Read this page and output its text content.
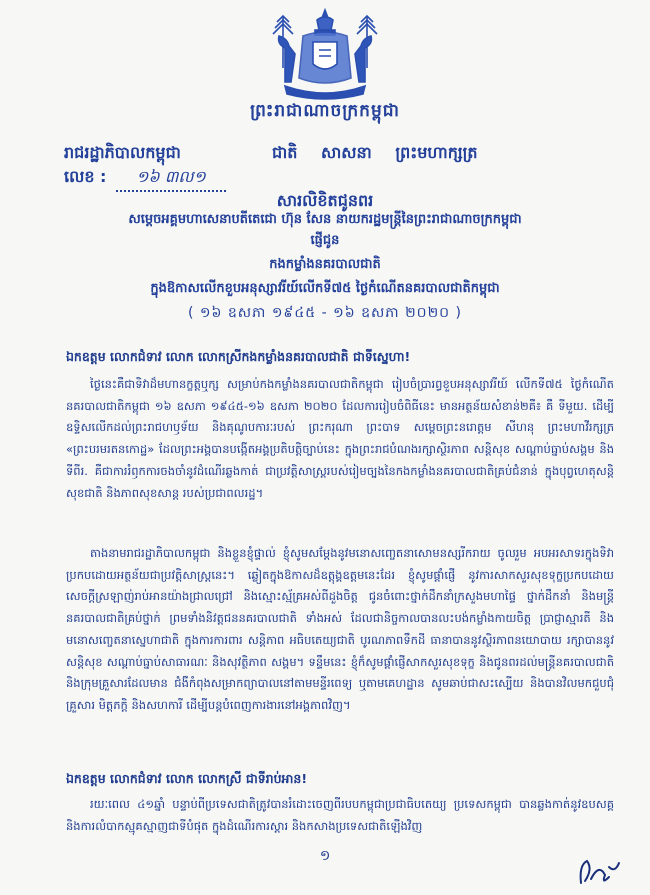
ព្រះរាជាណាចក្រកម្ពុជា
រាជរដ្ឋាភិបាលកម្ពុជា	ជាតិ សាសនា ព្រះមហាក្សត្រ
លេខ : ១៦ ៣ល១
សារលិខិតជូនពរ
សម្តេចអគ្គមហាសេនាបតីតេជោ ហ៊ុន សែន នាយករដ្ឋមន្ត្រីនៃព្រះរាជាណាចក្រកម្ពុជា
ផ្ញើជូន
កងកម្លាំងនគរបាលជាតិ
ក្នុងឱកាសលើកខួបអនុស្សាវរីយ៍លើកទី៧៥ ថ្ងៃកំណើតនគរបាលជាតិកម្ពុជា
( ១៦ ឧសភា ១៩៤៥ - ១៦ ឧសភា ២០២០ )
ឯកឧត្តម លោកជំទាវ លោក លោកស្រីកងកម្លាំងនគរបាលជាតិ ជាទីស្នេហា!
ថ្ងៃនេះគឺជាទិវាដ៏មហានក្ខត្តឬក្ស សម្រាប់កងកម្លាំងនគរបាលជាតិកម្ពុជា រៀបចំប្រារព្ធខួបអនុស្សាវរីយ៍ លើកទី៧៥ ថ្ងៃកំណើតនគរបាលជាតិកម្ពុជា ១៦ ឧសភា ១៩៤៥-១៦ ឧសភា ២០២០ ដែលការរៀបចំពិធីនេះ មានអត្ថន័យសំខាន់២គឺ៖ គឺ ទីមួយ. ដើម្បីឧទ្ទិសលើកដល់ព្រះរាជហឫទ័យ និងគុណូបការៈរបស់ ព្រះករុណា ព្រះបាទ សម្តេចព្រះនរោត្តម សីហនុ ព្រះមហាវីរក្សត្រ «ព្រះបរមរតនកោដ្ឋ» ដែលព្រះអង្គបានបង្កើតអង្គប្រតិបត្តិច្បាប់នេះ ក្នុងព្រះរាជបំណងរក្សាស្ថិរភាព សន្តិសុខ សណ្តាប់ធ្នាប់សង្គម និង ទីពីរ. គឺជាការរំឭកការចងចាំនូវដំណើរឆ្លងកាត់ ជាប្រវត្តិសាស្ត្ររបស់រៀមច្បងនៃកងកម្លាំងនគរបាលជាតិគ្រប់ជំនាន់ ក្នុងបុព្វហេតុសន្តិសុខជាតិ និងភាពសុខសាន្ត របស់ប្រជាពលរដ្ឋ។
តាងនាមរាជរដ្ឋាភិបាលកម្ពុជា និងខ្លួនខ្ញុំផ្ទាល់ ខ្ញុំសូមសម្តែងនូវមនោសញ្ចេតនាសោមនស្សរីករាយ ចូលរួម អបអរសាទរក្នុងទិវាប្រកបដោយអត្ថន័យជាប្រវត្តិសាស្ត្រនេះ។ ឆ្លៀតក្នុងឱកាសដ៏ឧត្តុង្គឧត្តមនេះដែរ ខ្ញុំសូមផ្តាំផ្ញើ នូវការសាកសួរសុខទុក្ខប្រកបដោយសេចក្តីស្រឡាញ់រាប់អានយ៉ាងជ្រាលជ្រៅ និងស្មោះស្ម័គ្រអស់ពីដួងចិត្ត ជូនចំពោះថ្នាក់ដឹកនាំក្រសួងមហាផ្ទៃ ថ្នាក់ដឹកនាំ និងមន្ត្រីនគរបាលជាតិគ្រប់ថ្នាក់ ព្រមទាំងនិវត្តជននគរបាលជាតិ ទាំងអស់ ដែលជានិច្ចកាលបានលះបង់កម្លាំងកាយចិត្ត ប្រាជ្ញាស្មារតី និងមនោសញ្ចេតនាស្នេហាជាតិ ក្នុងការការពារ សន្តិភាព អធិបតេយ្យជាតិ បូរណភាពទឹកដី ធានាបាននូវស្ថិរភាពនយោបាយ រក្សាបាននូវសន្តិសុខ សណ្តាប់ធ្នាប់សាធារណៈ និងសុវត្ថិភាព សង្គម។ ទន្ទឹមនេះ ខ្ញុំក៏សូមផ្តាំផ្ញើសាកសួរសុខទុក្ខ និងជូនពរដល់មន្ត្រីនគរបាលជាតិ និងក្រុមគ្រួសារដែលមាន ជំងឺកំពុងសម្រាកព្យាបាលនៅតាមមន្ទីរពេទ្យ ឬតាមគេហដ្ឋាន សូមឆាប់ជាសះស្បើយ និងបានវិលមកជួបជុំគ្រួសារ មិត្តភក្តិ និងសហការី ដើម្បីបន្តបំពេញការងារនៅអង្គភាពវិញ។
ឯកឧត្តម លោកជំទាវ លោក លោកស្រី ជាទីរាប់អាន!
រយៈពេល ៤១ឆ្នាំ បន្ទាប់ពីប្រទេសជាតិត្រូវបានរំដោះចេញពីរបបកម្ពុជាប្រជាធិបតេយ្យ ប្រទេសកម្ពុជា បានឆ្លងកាត់នូវឧបសគ្គ និងការលំបាកស្មុគស្មាញជាទីបំផុត ក្នុងដំណើរការស្តារ និងកសាងប្រទេសជាតិឡើងវិញ
១
